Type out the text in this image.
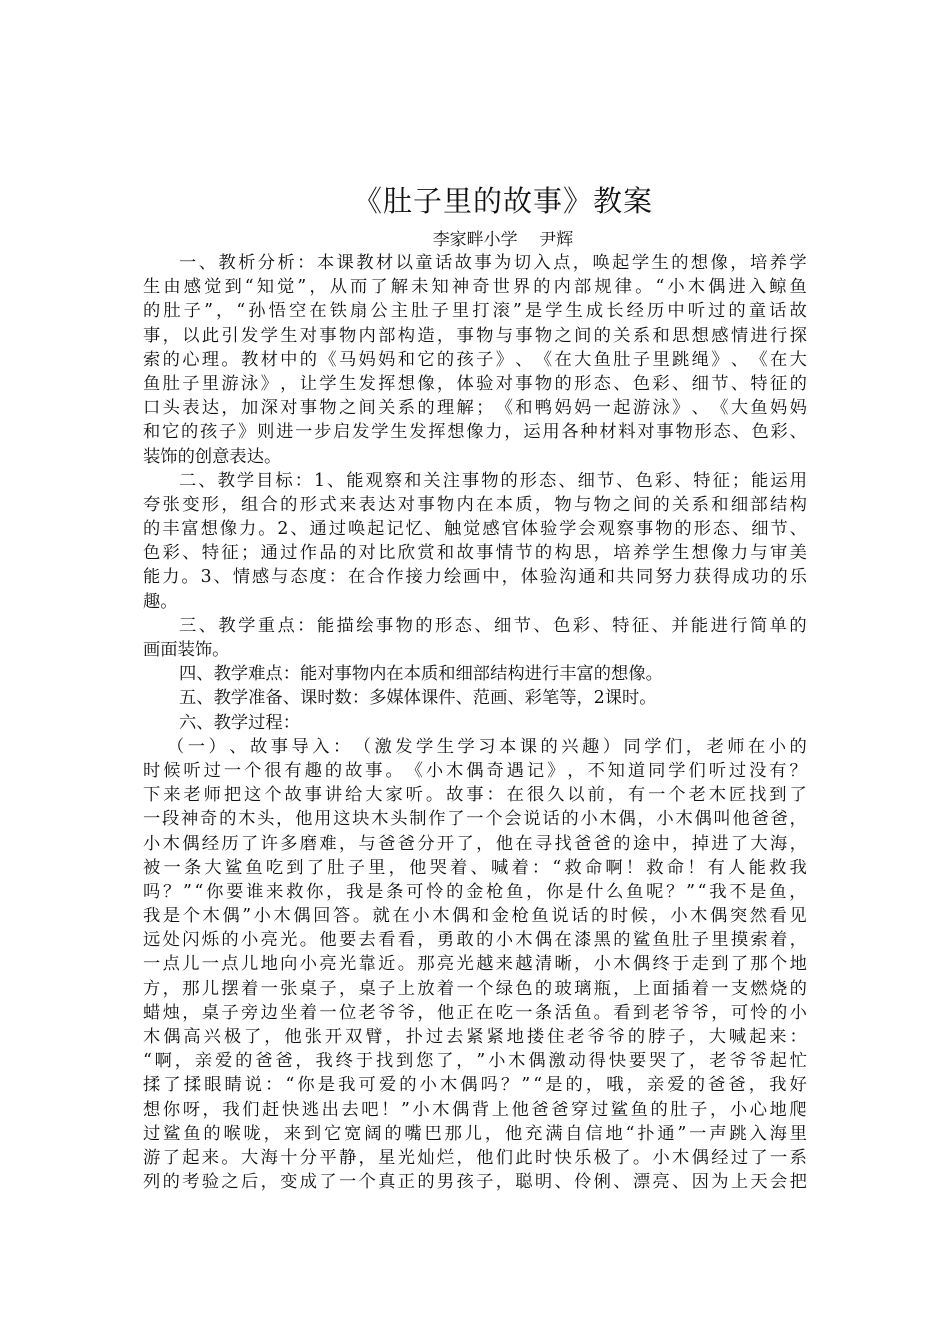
《肚子里的故事》教案
李家畔小学    尹辉
一 、 教 析 分 析 ： 本 课 教 材 以 童 话 故 事 为 切 入 点 ， 唤 起 学 生 的 想 像 ， 培 养 学
生 由 感 觉 到 “ 知 觉 ” ， 从 而 了 解 未 知 神 奇 世 界 的 内 部 规 律 。 “ 小 木 偶 进 入 鲸 鱼
的 肚 子 ” ， “ 孙 悟 空 在 铁 扇 公 主 肚 子 里 打 滚 ” 是 学 生 成 长 经 历 中 听 过 的 童 话 故
事 ， 以 此 引 发 学 生 对 事 物 内 部 构 造 ， 事 物 与 事 物 之 间 的 关 系 和 思 想 感 情 进 行 探
索 的 心 理 。 教 材 中 的 《 马 妈 妈 和 它 的 孩 子 》 、 《 在 大 鱼 肚 子 里 跳 绳 》 、 《 在 大
鱼 肚 子 里 游 泳 》 ， 让 学 生 发 挥 想 像 ， 体 验 对 事 物 的 形 态 、 色 彩 、 细 节 、 特 征 的
口 头 表 达 ， 加 深 对 事 物 之 间 关 系 的 理 解 ； 《 和 鸭 妈 妈 一 起 游 泳 》 、 《 大 鱼 妈 妈
和 它 的 孩 子 》 则 进 一 步 启 发 学 生 发 挥 想 像 力 ， 运 用 各 种 材 料 对 事 物 形 态 、 色 彩 、
装饰的创意表达。
二 、 教 学 目 标 ： 1 、 能 观 察 和 关 注 事 物 的 形 态 、 细 节 、 色 彩 、 特 征 ； 能 运 用
夸 张 变 形 ， 组 合 的 形 式 来 表 达 对 事 物 内 在 本 质 ， 物 与 物 之 间 的 关 系 和 细 部 结 构
的 丰 富 想 像 力 。 2 、 通 过 唤 起 记 忆 、 触 觉 感 官 体 验 学 会 观 察 事 物 的 形 态 、 细 节 、
色 彩 、 特 征 ； 通 过 作 品 的 对 比 欣 赏 和 故 事 情 节 的 构 思 ， 培 养 学 生 想 像 力 与 审 美
能 力 。 3 、 情 感 与 态 度 ： 在 合 作 接 力 绘 画 中 ， 体 验 沟 通 和 共 同 努 力 获 得 成 功 的 乐
趣。
三 、 教 学 重 点 ： 能 描 绘 事 物 的 形 态 、 细 节 、 色 彩 、 特 征 、 并 能 进 行 简 单 的
画面装饰。
四、教学难点：能对事物内在本质和细部结构进行丰富的想像。
五、教学准备、课时数：多媒体课件、范画、彩笔等，2课时。
六、教学过程：
（ 一 ） 、 故 事 导 入 ： （ 激 发 学 生 学 习 本 课 的 兴 趣 ） 同 学 们 ， 老 师 在 小 的
时 候 听 过 一 个 很 有 趣 的 故 事 。 《 小 木 偶 奇 遇 记 》 ， 不 知 道 同 学 们 听 过 没 有 ？
下 来 老 师 把 这 个 故 事 讲 给 大 家 听 。 故 事 ： 在 很 久 以 前 ， 有 一 个 老 木 匠 找 到 了
一 段 神 奇 的 木 头 ， 他 用 这 块 木 头 制 作 了 一 个 会 说 话 的 小 木 偶 ， 小 木 偶 叫 他 爸 爸 ，
小 木 偶 经 历 了 许 多 磨 难 ， 与 爸 爸 分 开 了 ， 他 在 寻 找 爸 爸 的 途 中 ， 掉 进 了 大 海 ，
被 一 条 大 鲨 鱼 吃 到 了 肚 子 里 ， 他 哭 着 、 喊 着 ： “ 救 命 啊 ！ 救 命 ！ 有 人 能 救 我
吗 ？ ” “ 你 要 谁 来 救 你 ， 我 是 条 可 怜 的 金 枪 鱼 ， 你 是 什 么 鱼 呢 ？ ” “ 我 不 是 鱼 ，
我 是 个 木 偶 ” 小 木 偶 回 答 。 就 在 小 木 偶 和 金 枪 鱼 说 话 的 时 候 ， 小 木 偶 突 然 看 见
远 处 闪 烁 的 小 亮 光 。 他 要 去 看 看 ， 勇 敢 的 小 木 偶 在 漆 黑 的 鲨 鱼 肚 子 里 摸 索 着 ，
一 点 儿 一 点 儿 地 向 小 亮 光 靠 近 。 那 亮 光 越 来 越 清 晰 ， 小 木 偶 终 于 走 到 了 那 个 地
方 ， 那 儿 摆 着 一 张 桌 子 ， 桌 子 上 放 着 一 个 绿 色 的 玻 璃 瓶 ， 上 面 插 着 一 支 燃 烧 的
蜡 烛 ， 桌 子 旁 边 坐 着 一 位 老 爷 爷 ， 他 正 在 吃 一 条 活 鱼 。 看 到 老 爷 爷 ， 可 怜 的 小
木 偶 高 兴 极 了 ， 他 张 开 双 臂 ， 扑 过 去 紧 紧 地 搂 住 老 爷 爷 的 脖 子 ， 大 喊 起 来 ：
“ 啊 ， 亲 爱 的 爸 爸 ， 我 终 于 找 到 您 了 ， ” 小 木 偶 激 动 得 快 要 哭 了 ， 老 爷 爷 起 忙
揉 了 揉 眼 睛 说 ： “ 你 是 我 可 爱 的 小 木 偶 吗 ？ ” “ 是 的 ， 哦 ， 亲 爱 的 爸 爸 ， 我 好
想 你 呀 ， 我 们 赶 快 逃 出 去 吧 ！ ” 小 木 偶 背 上 他 爸 爸 穿 过 鲨 鱼 的 肚 子 ， 小 心 地 爬
过 鲨 鱼 的 喉 咙 ， 来 到 它 宽 阔 的 嘴 巴 那 儿 ， 他 充 满 自 信 地 “ 扑 通 ” 一 声 跳 入 海 里
游 了 起 来 。 大 海 十 分 平 静 ， 星 光 灿 烂 ， 他 们 此 时 快 乐 极 了 。 小 木 偶 经 过 了 一 系
列 的 考 验 之 后 ， 变 成 了 一 个 真 正 的 男 孩 子 ， 聪 明 、 伶 俐 、 漂 亮 、 因 为 上 天 会 把
